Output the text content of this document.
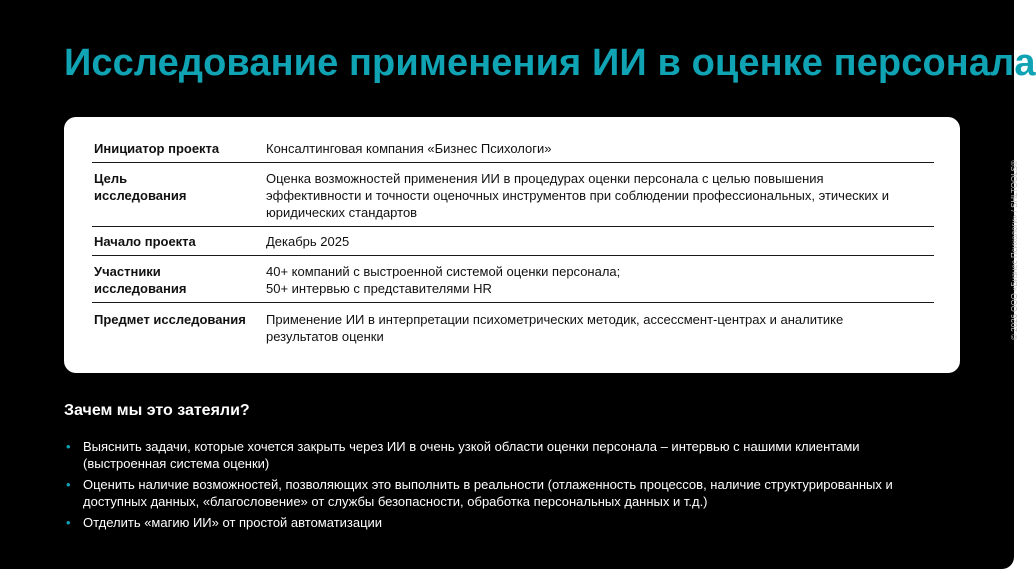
Исследование применения ИИ в оценке персонала
Инициатор проекта	Консалтинговая компания «Бизнес Психологи»
Цель исследования	Оценка возможностей применения ИИ в процедурах оценки персонала с целью повышения эффективности и точности оценочных инструментов при соблюдении профессиональных, этических и юридических стандартов
Начало проекта	Декабрь 2025
Участники исследования	40+ компаний с выстроенной системой оценки персонала;
50+ интервью с представителями HR

Предмет исследования	Применение ИИ в интерпретации психометрических методик, ассессмент-центрах и аналитике результатов оценки
Зачем мы это затеяли?
• Выяснить задачи, которые хочется закрыть через ИИ в очень узкой области оценки персонала – интервью с нашими клиентами (выстроенная система оценки)
• Оценить наличие возможностей, позволяющих это выполнить в реальности (отлаженность процессов, наличие структурированных и доступных данных, «благословение» от службы безопасности, обработка персональных данных и т.д.)
• Отделить «магию ИИ» от простой автоматизации
© 2026 ООО «Бизнес Психологи» / SHLTOOLS®
